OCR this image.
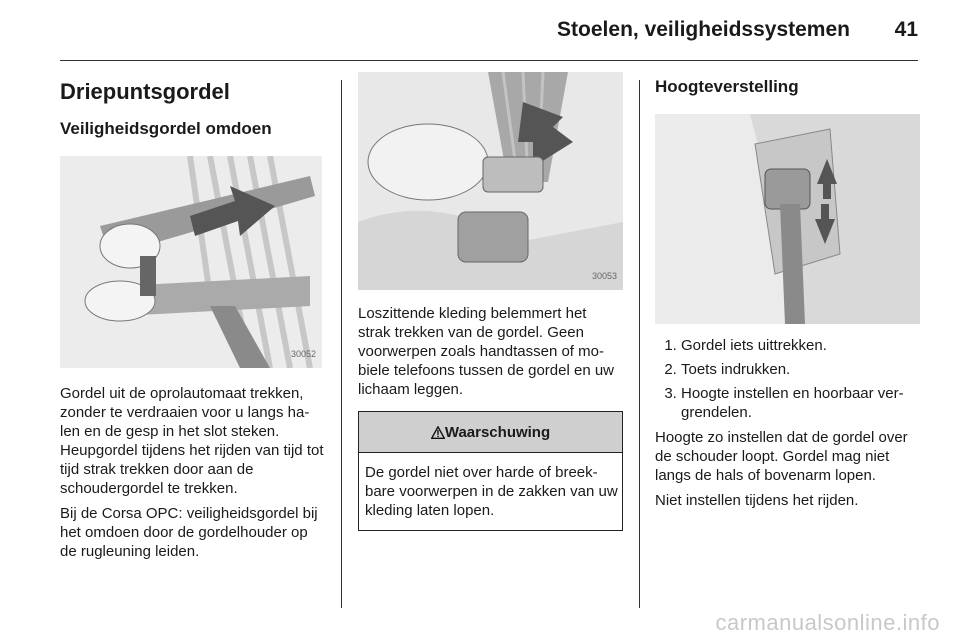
Stoelen, veiligheidssystemen 41
Driepuntsgordel
Veiligheidsgordel omdoen
30052

Gordel uit de oprolautomaat trekken, zonder te verdraaien voor u langs ha-len en de gesp in het slot steken. Heupgordel tijdens het rijden van tijd tot tijd strak trekken door aan de schoudergordel te trekken.

Bij de Corsa OPC: veiligheidsgordel bij het omdoen door de gordelhouder op de rugleuning leiden.

30053

Loszittende kleding belemmert het strak trekken van de gordel. Geen voorwerpen zoals handtassen of mo-biele telefoons tussen de gordel en uw lichaam leggen.

Waarschuwing
De gordel niet over harde of breek-bare voorwerpen in de zakken van uw kleding laten lopen.
Hoogteverstelling
1. Gordel iets uittrekken.
2. Toets indrukken.
3. Hoogte instellen en hoorbaar ver-grendelen.

Hoogte zo instellen dat de gordel over de schouder loopt. Gordel mag niet langs de hals of bovenarm lopen.

Niet instellen tijdens het rijden.

carmanualsonline.info
